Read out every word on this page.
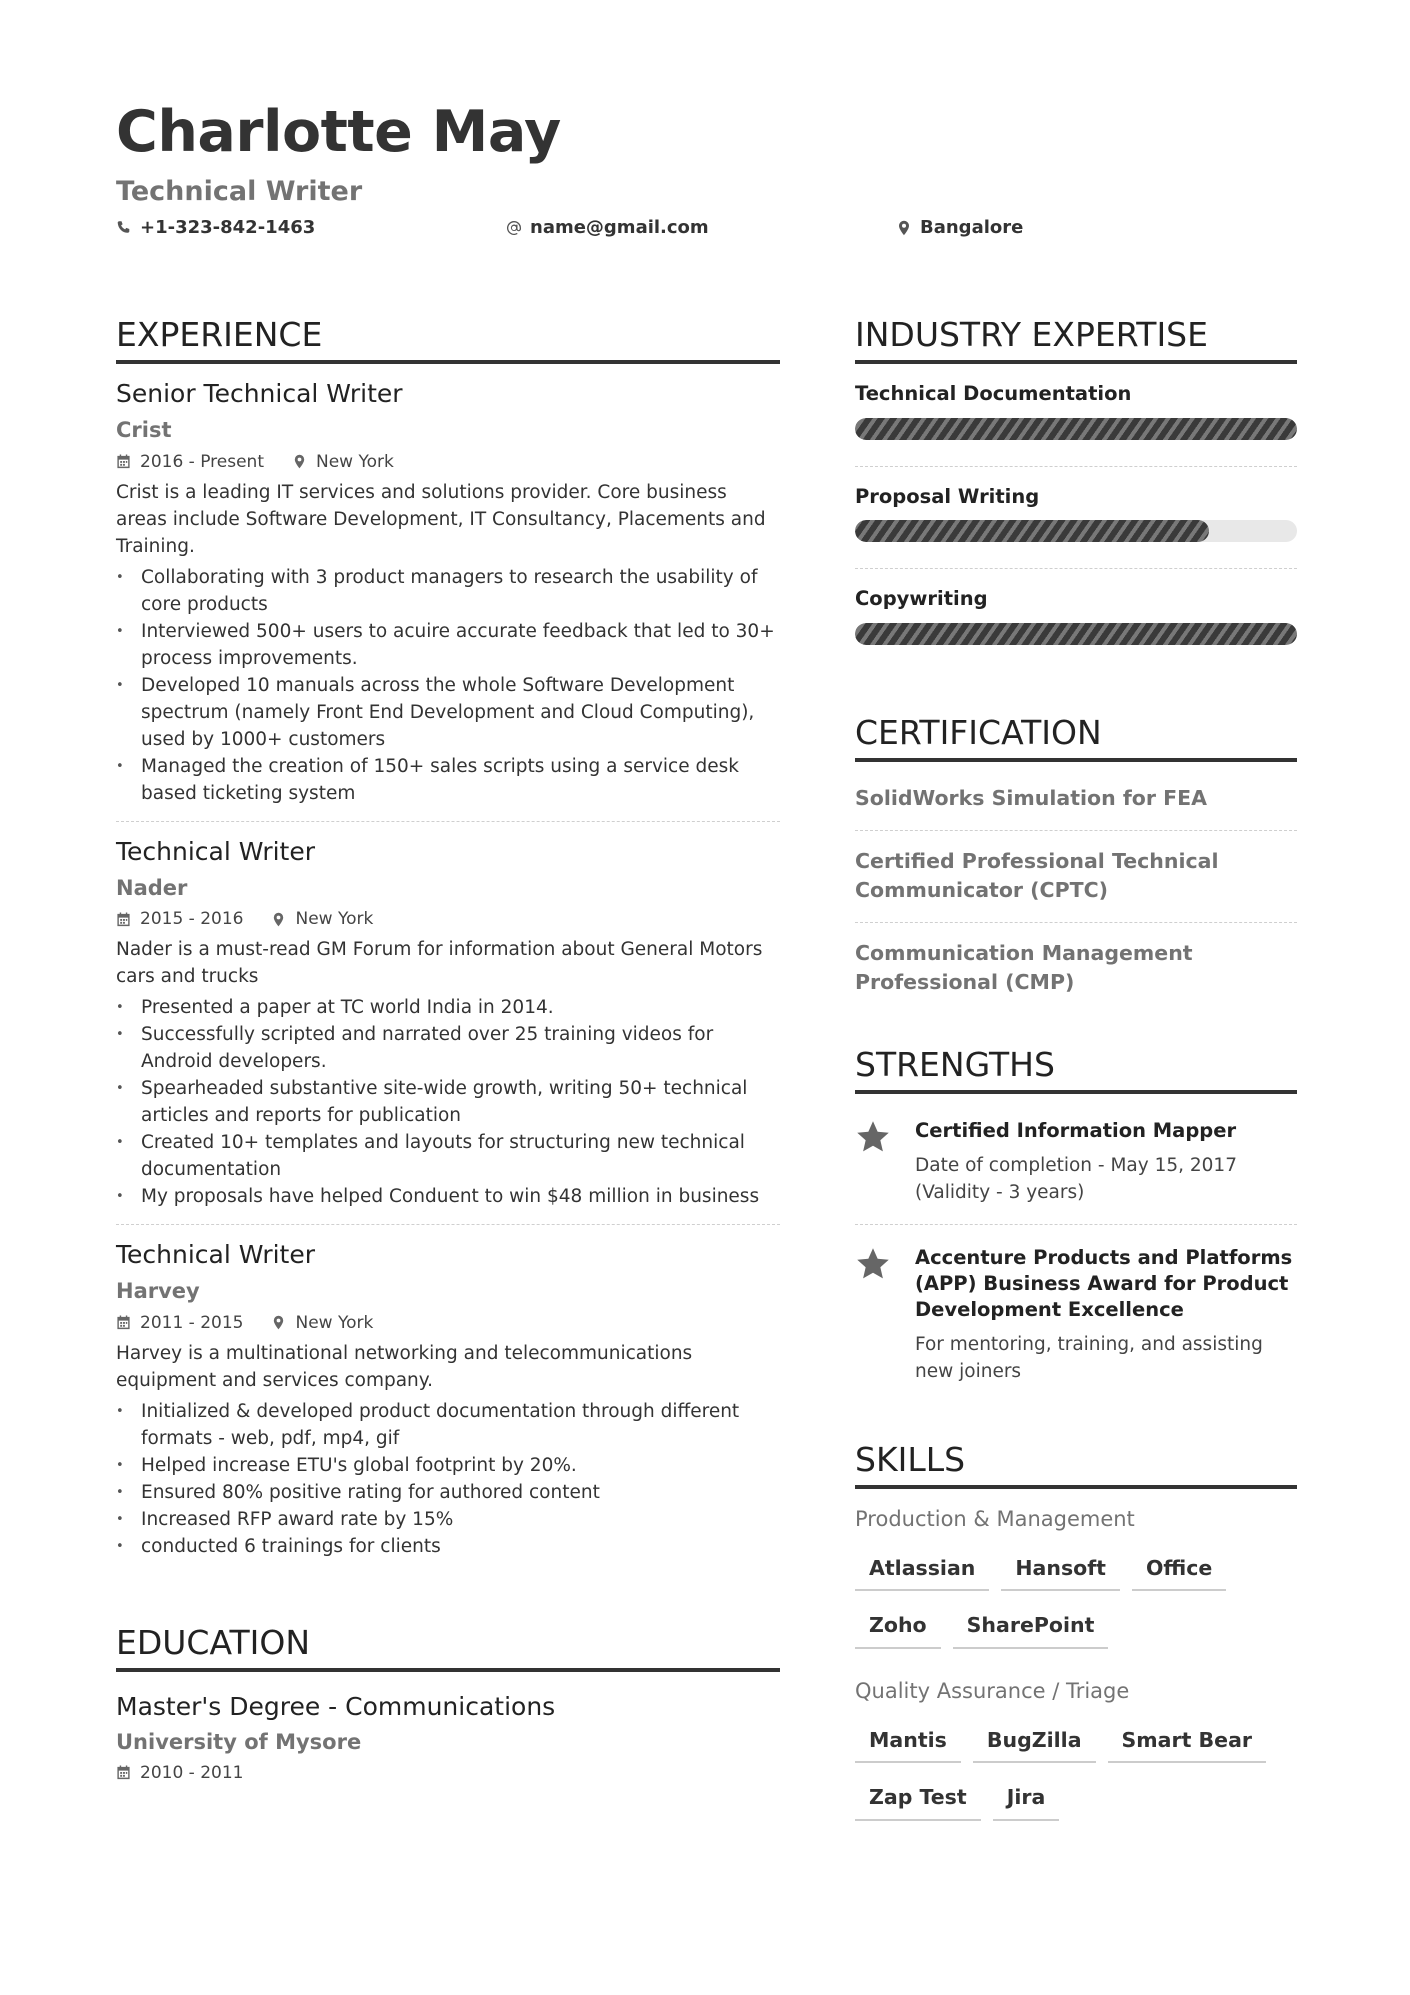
Charlotte May
Technical Writer
+1-323-842-1463	name@gmail.com	Bangalore
EXPERIENCE
Senior Technical Writer
Crist
2016 - Present	New York
Crist is a leading IT services and solutions provider. Core business areas include Software Development, IT Consultancy, Placements and Training.
• Collaborating with 3 product managers to research the usability of core products
• Interviewed 500+ users to acuire accurate feedback that led to 30+ process improvements.
• Developed 10 manuals across the whole Software Development spectrum (namely Front End Development and Cloud Computing), used by 1000+ customers
• Managed the creation of 150+ sales scripts using a service desk based ticketing system
Technical Writer
Nader
2015 - 2016	New York
Nader is a must-read GM Forum for information about General Motors cars and trucks
• Presented a paper at TC world India in 2014.
• Successfully scripted and narrated over 25 training videos for Android developers.
• Spearheaded substantive site-wide growth, writing 50+ technical articles and reports for publication
• Created 10+ templates and layouts for structuring new technical documentation
• My proposals have helped Conduent to win $48 million in business
Technical Writer
Harvey
2011 - 2015	New York
Harvey is a multinational networking and telecommunications equipment and services company.
• Initialized & developed product documentation through different formats - web, pdf, mp4, gif
• Helped increase ETU's global footprint by 20%.
• Ensured 80% positive rating for authored content
• Increased RFP award rate by 15%
• conducted 6 trainings for clients
EDUCATION
Master's Degree - Communications
University of Mysore
2010 - 2011
INDUSTRY EXPERTISE
Technical Documentation
Proposal Writing
Copywriting
CERTIFICATION
SolidWorks Simulation for FEA
Certified Professional Technical Communicator (CPTC)
Communication Management Professional (CMP)
STRENGTHS
Certified Information Mapper
Date of completion - May 15, 2017 (Validity - 3 years)
Accenture Products and Platforms (APP) Business Award for Product Development Excellence
For mentoring, training, and assisting new joiners
SKILLS
Production & Management
Atlassian	Hansoft	Office
Zoho	SharePoint
Quality Assurance / Triage
Mantis	BugZilla	Smart Bear
Zap Test	Jira
